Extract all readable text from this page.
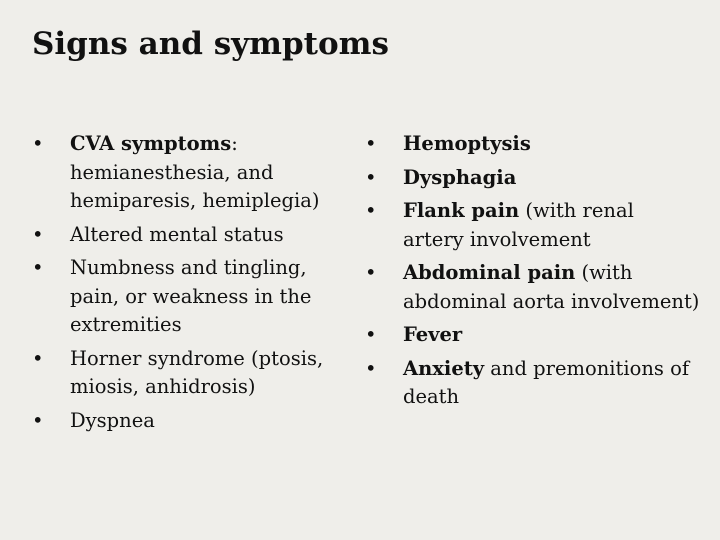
Signs and symptoms
• CVA symptoms: hemianesthesia, and hemiparesis, hemiplegia)
• Altered mental status
• Numbness and tingling, pain, or weakness in the extremities
• Horner syndrome (ptosis, miosis, anhidrosis)
• Dyspnea
• Hemoptysis
• Dysphagia
• Flank pain (with renal artery involvement
• Abdominal pain (with abdominal aorta involvement)
• Fever
• Anxiety and premonitions of death
